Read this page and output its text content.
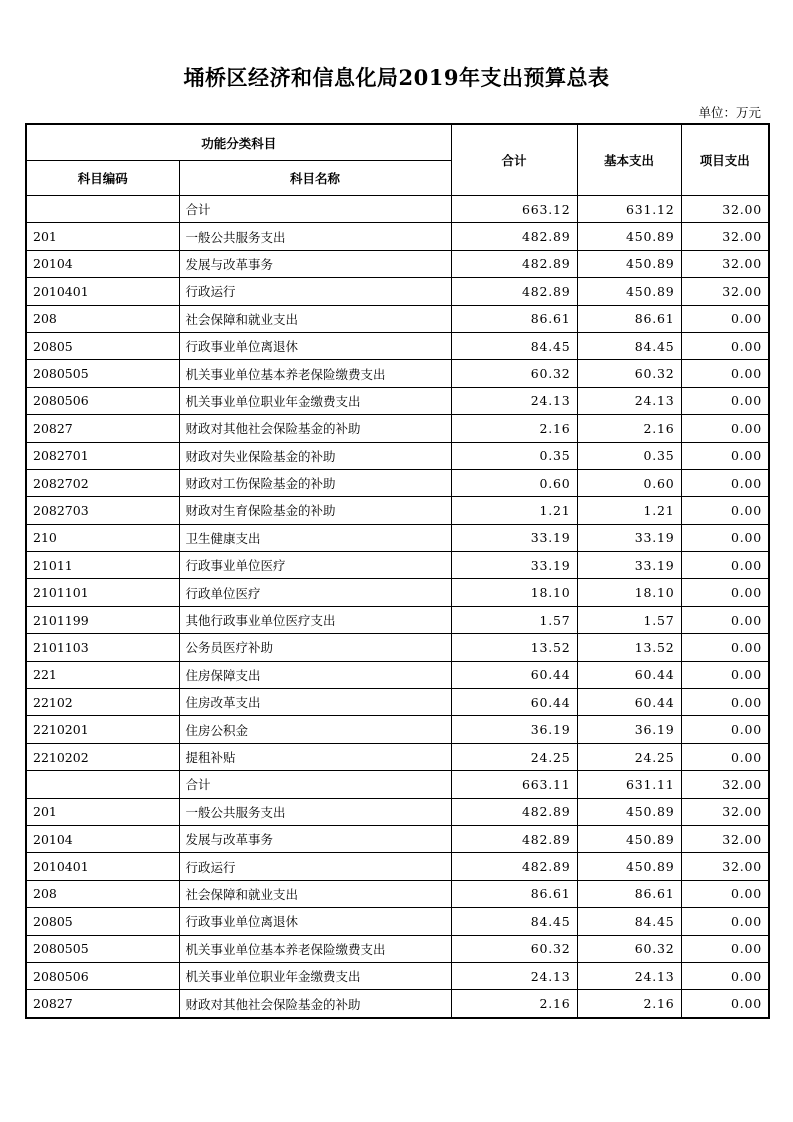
埇桥区经济和信息化局2019年支出预算总表
单位：万元
功能分类科目		合计	基本支出	项目支出
科目编码	科目名称			
	合计	663.12	631.12	32.00
201	一般公共服务支出	482.89	450.89	32.00
20104	发展与改革事务	482.89	450.89	32.00
2010401	行政运行	482.89	450.89	32.00
208	社会保障和就业支出	86.61	86.61	0.00
20805	行政事业单位离退休	84.45	84.45	0.00
2080505	机关事业单位基本养老保险缴费支出	60.32	60.32	0.00
2080506	机关事业单位职业年金缴费支出	24.13	24.13	0.00
20827	财政对其他社会保险基金的补助	2.16	2.16	0.00
2082701	财政对失业保险基金的补助	0.35	0.35	0.00
2082702	财政对工伤保险基金的补助	0.60	0.60	0.00
2082703	财政对生育保险基金的补助	1.21	1.21	0.00
210	卫生健康支出	33.19	33.19	0.00
21011	行政事业单位医疗	33.19	33.19	0.00
2101101	行政单位医疗	18.10	18.10	0.00
2101199	其他行政事业单位医疗支出	1.57	1.57	0.00
2101103	公务员医疗补助	13.52	13.52	0.00
221	住房保障支出	60.44	60.44	0.00
22102	住房改革支出	60.44	60.44	0.00
2210201	住房公积金	36.19	36.19	0.00
2210202	提租补贴	24.25	24.25	0.00
	合计	663.11	631.11	32.00
201	一般公共服务支出	482.89	450.89	32.00
20104	发展与改革事务	482.89	450.89	32.00
2010401	行政运行	482.89	450.89	32.00
208	社会保障和就业支出	86.61	86.61	0.00
20805	行政事业单位离退休	84.45	84.45	0.00
2080505	机关事业单位基本养老保险缴费支出	60.32	60.32	0.00
2080506	机关事业单位职业年金缴费支出	24.13	24.13	0.00
20827	财政对其他社会保险基金的补助	2.16	2.16	0.00
